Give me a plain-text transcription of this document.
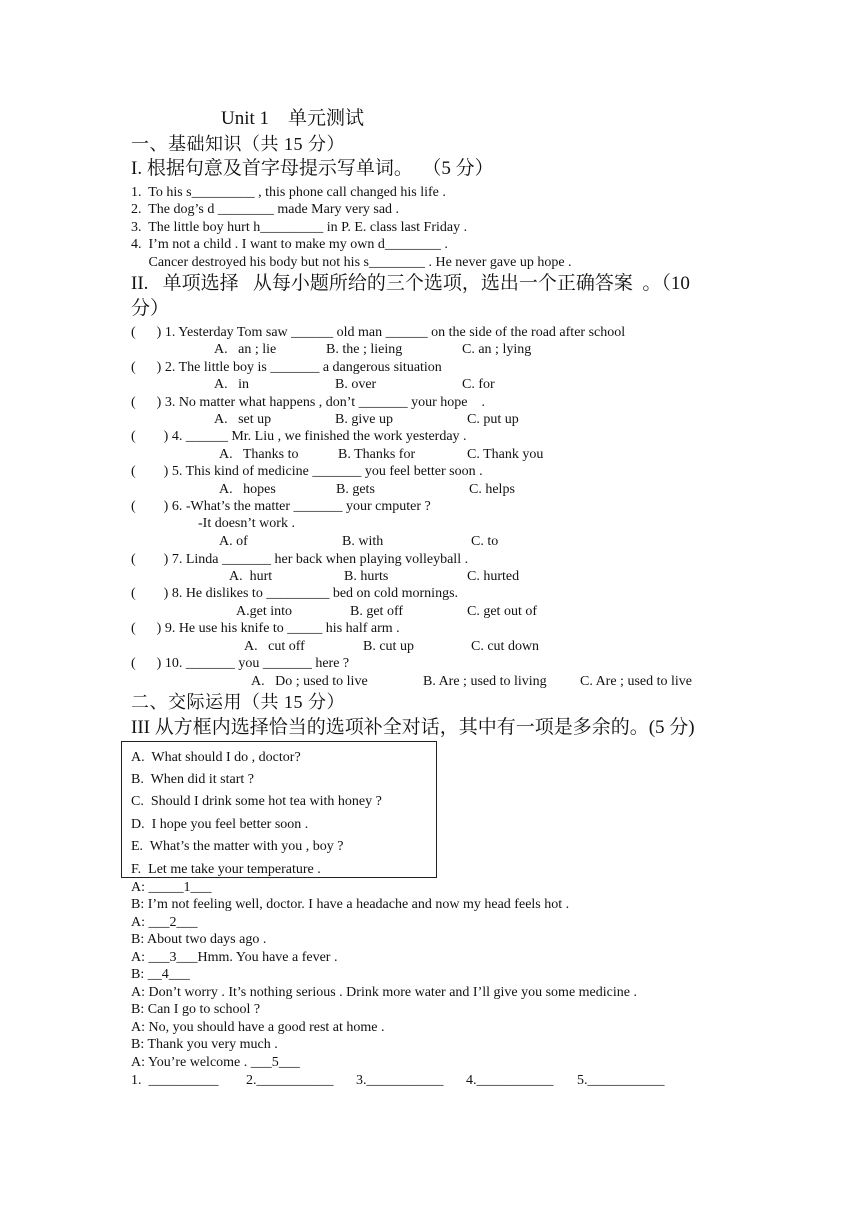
Unit 1    单元测试
一、基础知识（共 15 分）
I. 根据句意及首字母提示写单词。  （5 分）
1.  To his s_________ , this phone call changed his life .
2.  The dog’s d ________ made Mary very sad .
3.  The little boy hurt h_________ in P. E. class last Friday .
4.  I’m not a child . I want to make my own d________ .
Cancer destroyed his body but not his s________ . He never gave up hope .
II.   单项选择   从每小题所给的三个选项，选出一个正确答案  。（10
分）
(      ) 1. Yesterday Tom saw ______ old man ______ on the side of the road after school
A.   an ; lie	B. the ; lieing	C. an ; lying
(      ) 2. The little boy is _______ a dangerous situation
A.   in	B. over	C. for
(      ) 3. No matter what happens , don’t _______ your hope    .
A.   set up	B. give up	C. put up
(        ) 4. ______ Mr. Liu , we finished the work yesterday .
A.   Thanks to	B. Thanks for	C. Thank you
(        ) 5. This kind of medicine _______ you feel better soon .
A.   hopes	B. gets	C. helps
(        ) 6. -What’s the matter _______ your cmputer ?
-It doesn’t work .
A. of	B. with	C. to
(        ) 7. Linda _______ her back when playing volleyball .
A.  hurt	B. hurts	C. hurted
(        ) 8. He dislikes to _________ bed on cold mornings.
A.get into	B. get off	C. get out of
(      ) 9. He use his knife to _____ his half arm .
A.   cut off	B. cut up	C. cut down
(      ) 10. _______ you _______ here ?
A.   Do ; used to live	B. Are ; used to living C. Are ; used to live
二、交际运用（共 15 分）
III 从方框内选择恰当的选项补全对话，其中有一项是多余的。(5 分)
A.  What should I do , doctor?
B.  When did it start ?
C.  Should I drink some hot tea with honey ?
D.  I hope you feel better soon .
E.  What’s the matter with you , boy ?
F.  Let me take your temperature .
A: _____1___
B: I’m not feeling well, doctor. I have a headache and now my head feels hot .
A: ___2___
B: About two days ago .
A: ___3___Hmm. You have a fever .
B: __4___
A: Don’t worry . It’s nothing serious . Drink more water and I’ll give you some medicine .
B: Can I go to school ?
A: No, you should have a good rest at home .
B: Thank you very much .
A: You’re welcome . ___5___
1.  __________ 2.___________ 3.___________ 4.___________ 5.___________
